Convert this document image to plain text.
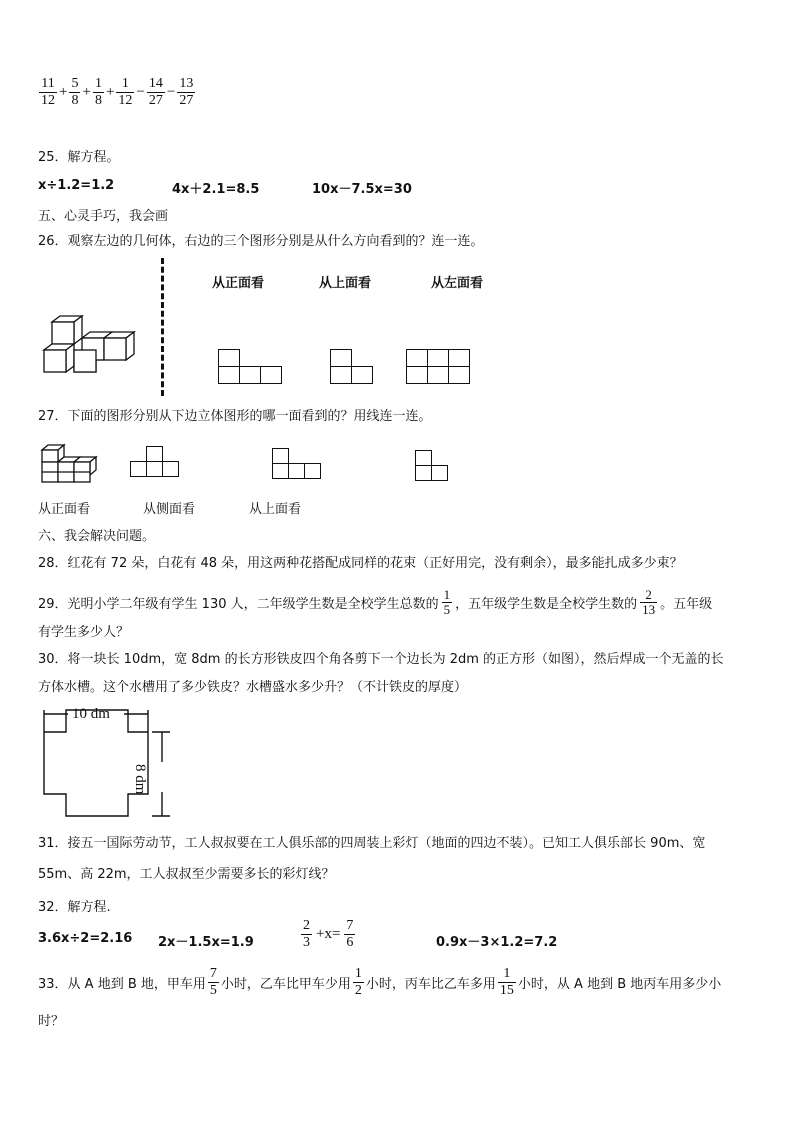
$\frac{11}{12} + \frac{5}{8} + \frac{1}{8} + \frac{1}{12} - \frac{14}{27} - \frac{13}{27}$
25．解方程。
x÷1.2=1.2	4x＋2.1=8.5	10x－7.5x=30
五、心灵手巧，我会画
26．观察左边的几何体，右边的三个图形分别是从什么方向看到的？连一连。
从正面看	从上面看	从左面看
27．下面的图形分别从下边立体图形的哪一面看到的？用线连一连。
从正面看	从侧面看	从上面看
六、我会解决问题。
28．红花有 72 朵，白花有 48 朵，用这两种花搭配成同样的花束（正好用完，没有剩余），最多能扎成多少束？
29．光明小学二年级有学生 130 人，二年级学生数是全校学生总数的 $\frac{1}{5}$ ，五年级学生数是全校学生数的 $\frac{2}{13}$ 。五年级
有学生多少人？
30．将一块长 10dm，宽 8dm 的长方形铁皮四个角各剪下一个边长为 2dm 的正方形（如图），然后焊成一个无盖的长
方体水槽。这个水槽用了多少铁皮？水槽盛水多少升？（不计铁皮的厚度）
10 dm
8 dm
31．接五一国际劳动节，工人叔叔要在工人俱乐部的四周装上彩灯（地面的四边不装）。已知工人俱乐部长 90m、宽
55m、高 22m，工人叔叔至少需要多长的彩灯线？
32．解方程.
3.6x÷2=2.16 2x－1.5x=1.9	$\frac{2}{3} +x= \frac{7}{6}$	0.9x－3×1.2=7.2
33．从 A 地到 B 地，甲车用 $\frac{7}{5}$ 小时，乙车比甲车少用 $\frac{1}{2}$ 小时，丙车比乙车多用 $\frac{1}{15}$ 小时，从 A 地到 B 地丙车用多少小
时？
